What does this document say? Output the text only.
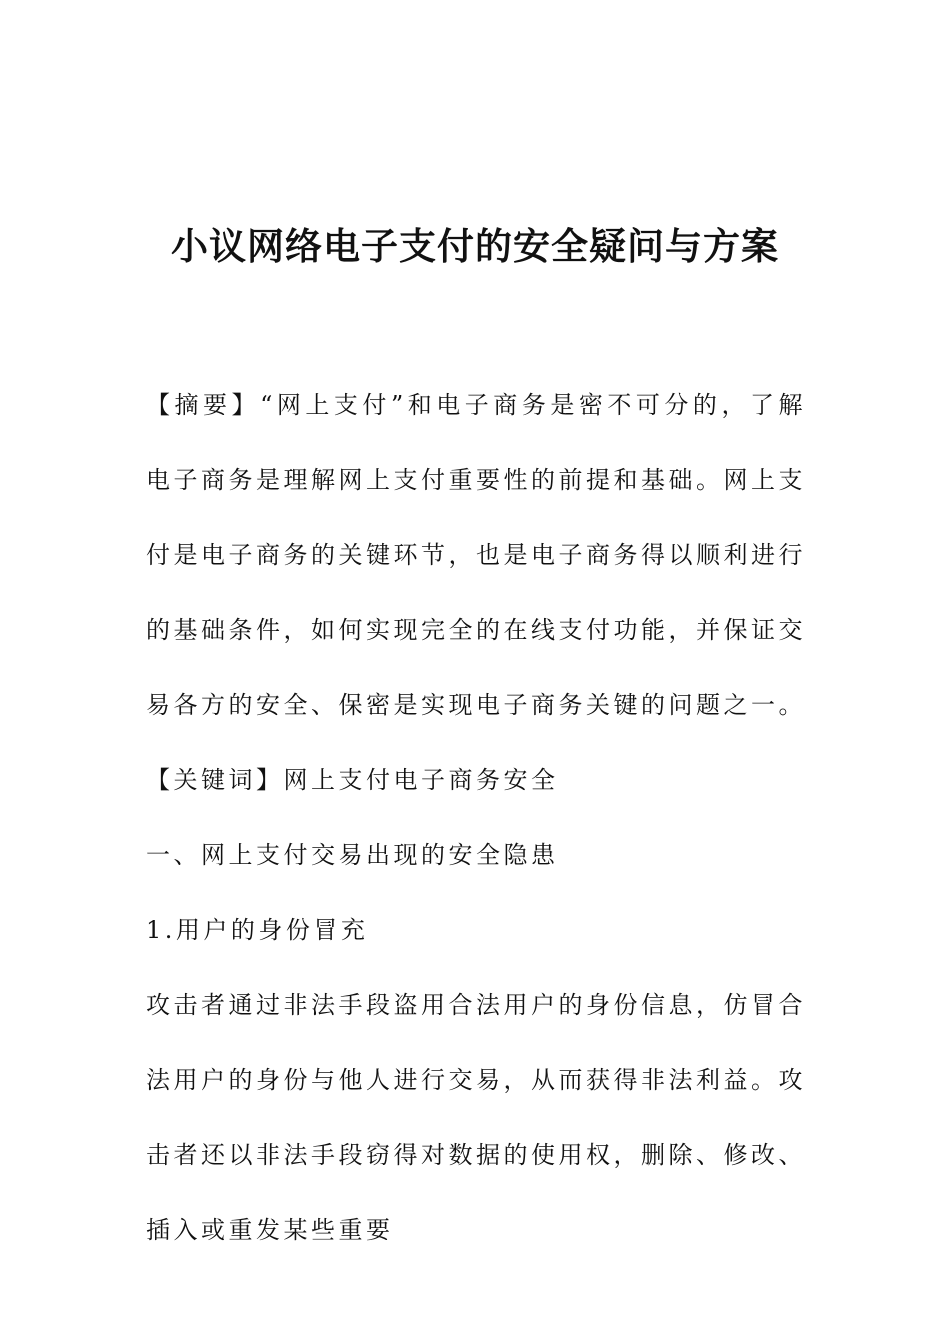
小议网络电子支付的安全疑问与方案

【摘要】“网上支付”和电子商务是密不可分的，了解电子商务是理解网上支付重要性的前提和基础。网上支付是电子商务的关键环节，也是电子商务得以顺利进行的基础条件，如何实现完全的在线支付功能，并保证交易各方的安全、保密是实现电子商务关键的问题之一。

【关键词】网上支付电子商务安全

一、网上支付交易出现的安全隐患

1.用户的身份冒充

攻击者通过非法手段盗用合法用户的身份信息，仿冒合法用户的身份与他人进行交易，从而获得非法利益。攻击者还以非法手段窃得对数据的使用权，删除、修改、插入或重发某些重要
